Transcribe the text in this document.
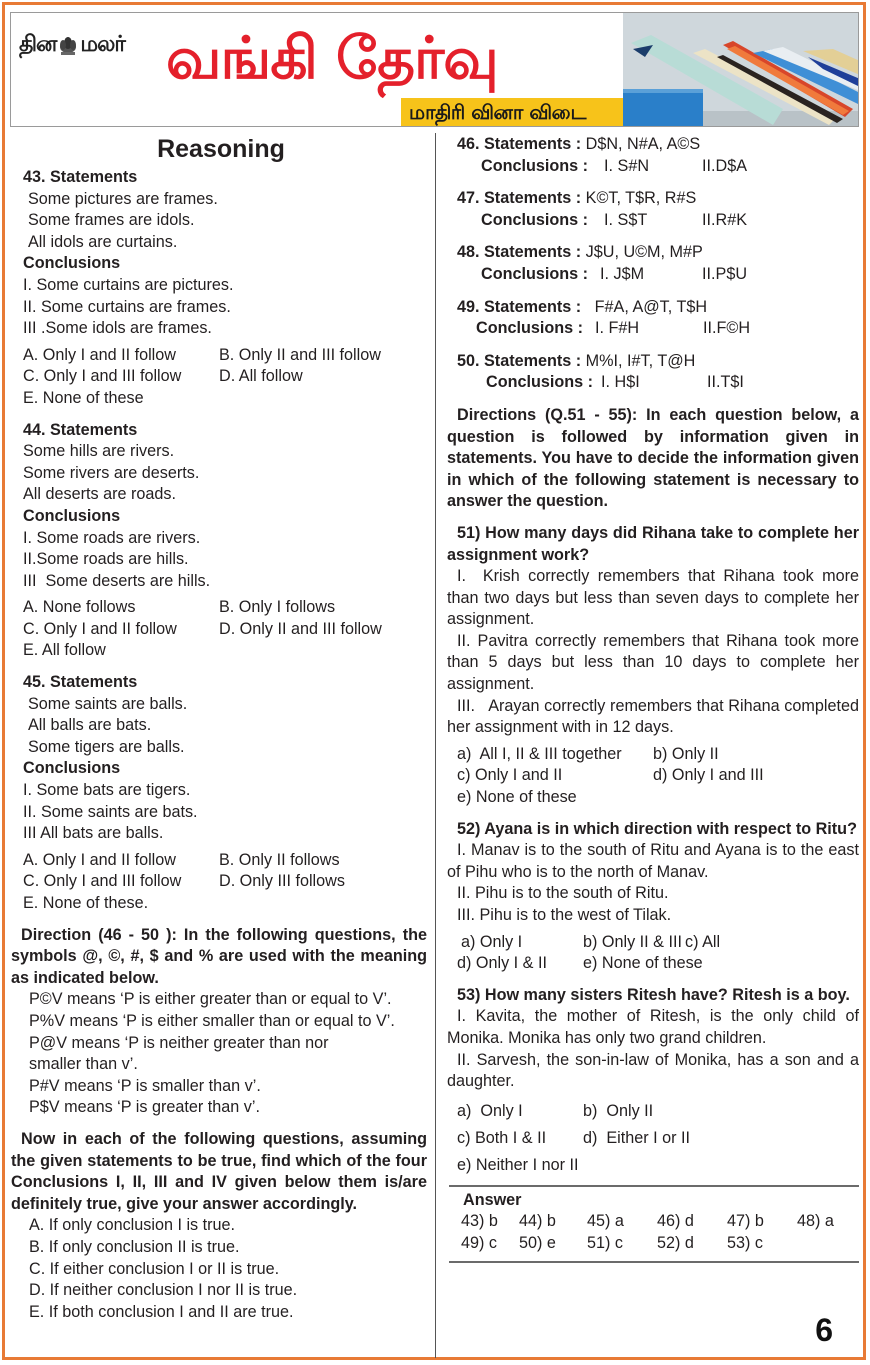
தின மலர் வங்கி தேர்வு
மாதிரி வினா விடை
Reasoning
43. Statements
Some pictures are frames.
Some frames are idols.
All idols are curtains.
Conclusions
I. Some curtains are pictures.
II. Some curtains are frames.
III .Some idols are frames.
A. Only I and II follow	B. Only II and III follow
C. Only I and III follow	D. All follow
E. None of these
44. Statements
Some hills are rivers.
Some rivers are deserts.
All deserts are roads.
Conclusions
I. Some roads are rivers.
II.Some roads are hills.
III  Some deserts are hills.
A. None follows	B. Only I follows
C. Only I and II follow	D. Only II and III follow
E. All follow
45. Statements
Some saints are balls.
All balls are bats.
Some tigers are balls.
Conclusions
I. Some bats are tigers.
II. Some saints are bats.
III All bats are balls.
A. Only I and II follow	B. Only II follows
C. Only I and III follow	D. Only III follows
E. None of these.
Direction (46 - 50 ): In the following questions, the symbols @, ©, #, $ and % are used with the meaning as indicated below.
P©V means ‘P is either greater than or equal to V’.
P%V means ‘P is either smaller than or equal to V’.
P@V means ‘P is neither greater than nor
smaller than v’.
P#V means ‘P is smaller than v’.
P$V means ‘P is greater than v’.
Now in each of the following questions, assuming the given statements to be true, find which of the four Conclusions I, II, III and IV given below them is/are definitely true, give your answer accordingly.
A. If only conclusion I is true.
B. If only conclusion II is true.
C. If either conclusion I or II is true.
D. If neither conclusion I nor II is true.
E. If both conclusion I and II are true.
46. Statements : D$N, N#A, A©S
Conclusions : I. S#N	II.D$A
47. Statements : K©T, T$R, R#S
Conclusions : I. S$T	II.R#K
48. Statements : J$U, U©M, M#P
Conclusions : I. J$M	II.P$U
49. Statements : F#A, A@T, T$H
Conclusions : I. F#H	II.F©H
50. Statements : M%I, I#T, T@H
Conclusions : I. H$I	II.T$I
Directions (Q.51 - 55): In each question below, a question is followed by information given in statements. You have to decide the information given in which of the following statement is necessary to answer the question.
51) How many days did Rihana take to complete her assignment work?
I.  Krish correctly remembers that Rihana took more than two days but less than seven days to complete her assignment.
II. Pavitra correctly remembers that Rihana took more than 5 days but less than 10 days to complete her assignment.
III.   Arayan correctly remembers that Rihana completed her assignment with in 12 days.
a)  All I, II & III together	b) Only II
c) Only I and II	d) Only I and III
e) None of these
52) Ayana is in which direction with respect to Ritu?
I. Manav is to the south of Ritu and Ayana is to the east of Pihu who is to the north of Manav.
II. Pihu is to the south of Ritu.
III. Pihu is to the west of Tilak.
a) Only I	b) Only II & III c) All
d) Only I & II	e) None of these
53) How many sisters Ritesh have? Ritesh is a boy.
I. Kavita, the mother of Ritesh, is the only child of Monika. Monika has only two grand children.
II. Sarvesh, the son-in-law of Monika, has a son and a daughter.
a)  Only I	b)  Only II
c) Both I & II	d)  Either I or II
e) Neither I nor II
Answer
43) b	44) b	45) a	46) d	47) b	48) a
49) c	50) e	51) c	52) d	53) c
6
